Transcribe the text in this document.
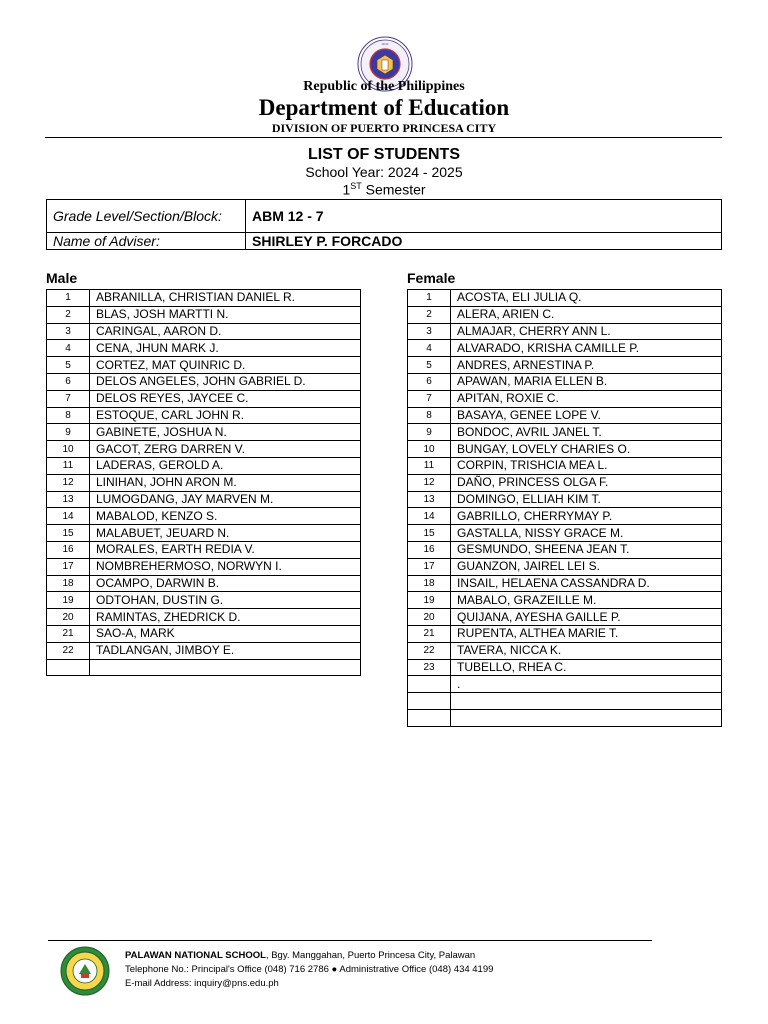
•••••
Republic of the Philippines
Department of Education
DIVISION OF PUERTO PRINCESA CITY
LIST OF STUDENTS
School Year: 2024 - 2025
1ST Semester
Grade Level/Section/Block:	ABM 12 - 7
Name of Adviser:	SHIRLEY P. FORCADO
Male
1	ABRANILLA, CHRISTIAN DANIEL R.
2	BLAS, JOSH MARTTI N.
3	CARINGAL, AARON D.
4	CENA, JHUN MARK J.
5	CORTEZ, MAT QUINRIC D.
6	DELOS ANGELES, JOHN GABRIEL D.
7	DELOS REYES, JAYCEE C.
8	ESTOQUE, CARL JOHN R.
9	GABINETE, JOSHUA N.
10	GACOT, ZERG DARREN V.
11	LADERAS, GEROLD A.
12	LINIHAN, JOHN ARON M.
13	LUMOGDANG, JAY MARVEN M.
14	MABALOD, KENZO S.
15	MALABUET, JEUARD N.
16	MORALES, EARTH REDIA V.
17	NOMBREHERMOSO, NORWYN I.
18	OCAMPO, DARWIN B.
19	ODTOHAN, DUSTIN G.
20	RAMINTAS, ZHEDRICK D.
21	SAO-A, MARK
22	TADLANGAN, JIMBOY E.

Female
1	ACOSTA, ELI JULIA Q.
2	ALERA, ARIEN C.
3	ALMAJAR, CHERRY ANN L.
4	ALVARADO, KRISHA CAMILLE P.
5	ANDRES, ARNESTINA P.
6	APAWAN, MARIA ELLEN B.
7	APITAN, ROXIE C.
8	BASAYA, GENEE LOPE V.
9	BONDOC, AVRIL JANEL T.
10	BUNGAY, LOVELY CHARIES O.
11	CORPIN, TRISHCIA MEA L.
12	DAÑO, PRINCESS OLGA F.
13	DOMINGO, ELLIAH KIM T.
14	GABRILLO, CHERRYMAY P.
15	GASTALLA, NISSY GRACE M.
16	GESMUNDO, SHEENA JEAN T.
17	GUANZON, JAIREL LEI S.
18	INSAIL, HELAENA CASSANDRA D.
19	MABALO, GRAZEILLE M.
20	QUIJANA, AYESHA GAILLE P.
21	RUPENTA, ALTHEA MARIE T.
22	TAVERA, NICCA K.
23	TUBELLO, RHEA C.
	.

PALAWAN NATIONAL SCHOOL, Bgy. Manggahan, Puerto Princesa City, Palawan
Telephone No.: Principal's Office (048) 716 2786 ● Administrative Office (048) 434 4199
E-mail Address: inquiry@pns.edu.ph
